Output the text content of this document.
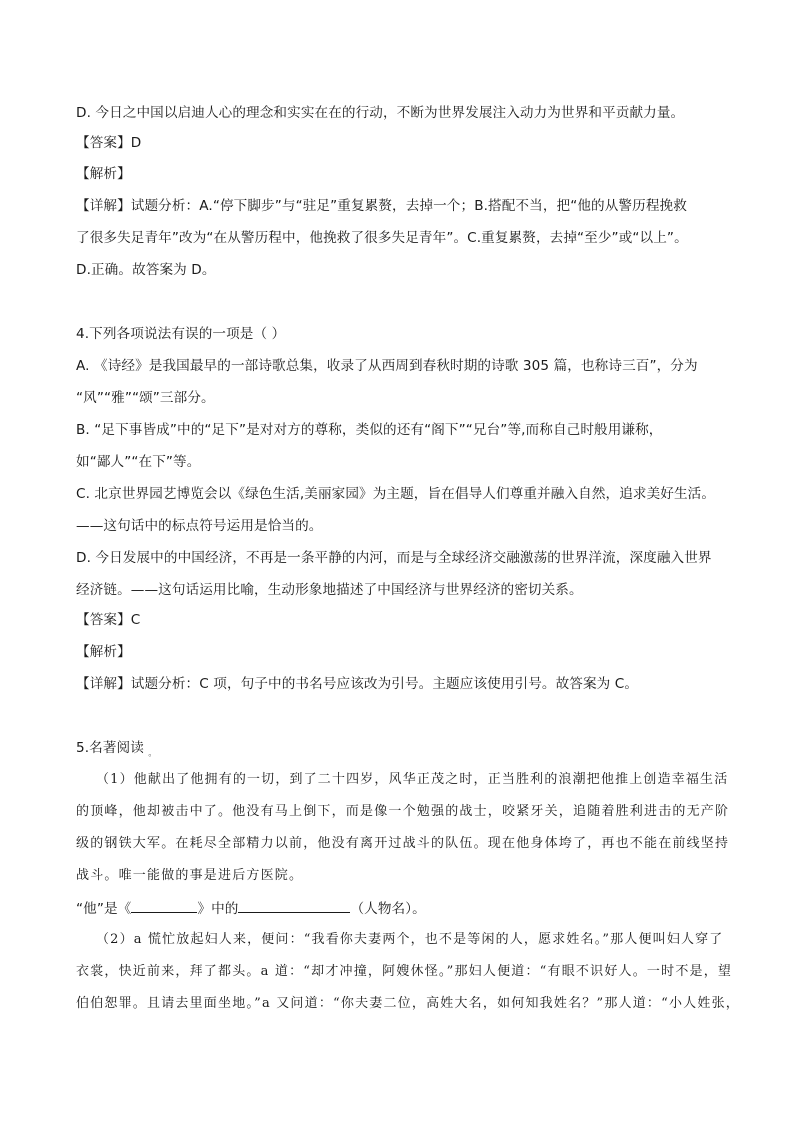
D. 今日之中国以启迪人心的理念和实实在在的行动，不断为世界发展注入动力为世界和平贡献力量。
【答案】D
【解析】
【详解】试题分析：A.“停下脚步”与“驻足”重复累赘，去掉一个；B.搭配不当，把“他的从警历程挽救
了很多失足青年”改为“在从警历程中，他挽救了很多失足青年”。C.重复累赘，去掉“至少”或“以上”。
D.正确。故答案为 D。
4.下列各项说法有误的一项是（ ）
A. 《诗经》是我国最早的一部诗歌总集，收录了从西周到春秋时期的诗歌 305 篇，也称诗三百”，分为
“风”“雅”“颂”三部分。
B. “足下事皆成”中的“足下”是对对方的尊称，类似的还有“阁下”“兄台”等,而称自己时般用谦称，
如“鄙人”“在下”等。
C. 北京世界园艺博览会以《绿色生活,美丽家园》为主题，旨在倡导人们尊重并融入自然，追求美好生活。
——这句话中的标点符号运用是恰当的。
D. 今日发展中的中国经济，不再是一条平静的内河，而是与全球经济交融激荡的世界洋流，深度融入世界
经济链。——这句话运用比喻，生动形象地描述了中国经济与世界经济的密切关系。
【答案】C
【解析】
【详解】试题分析：C 项，句子中的书名号应该改为引号。主题应该使用引号。故答案为 C。
5.名著阅读 $_。$
（1）他献出了他拥有的一切，到了二十四岁，风华正茂之时，正当胜利的浪潮把他推上创造幸福生活
的顶峰，他却被击中了。他没有马上倒下，而是像一个勉强的战士，咬紧牙关，追随着胜利进击的无产阶
级的钢铁大军。在耗尽全部精力以前，他没有离开过战斗的队伍。现在他身体垮了，再也不能在前线坚持
战斗。唯一能做的事是进后方医院。
“他”是《	》中的	（人物名）。
（2）a 慌忙放起妇人来，便问：“我看你夫妻两个，也不是等闲的人，愿求姓名。”那人便叫妇人穿了
衣裳，快近前来，拜了都头。a 道：“却才冲撞，阿嫂休怪。”那妇人便道：“有眼不识好人。一时不是，望
伯伯恕罪。且请去里面坐地。”a 又问道：“你夫妻二位，高姓大名，如何知我姓名？”那人道：“小人姓张，
